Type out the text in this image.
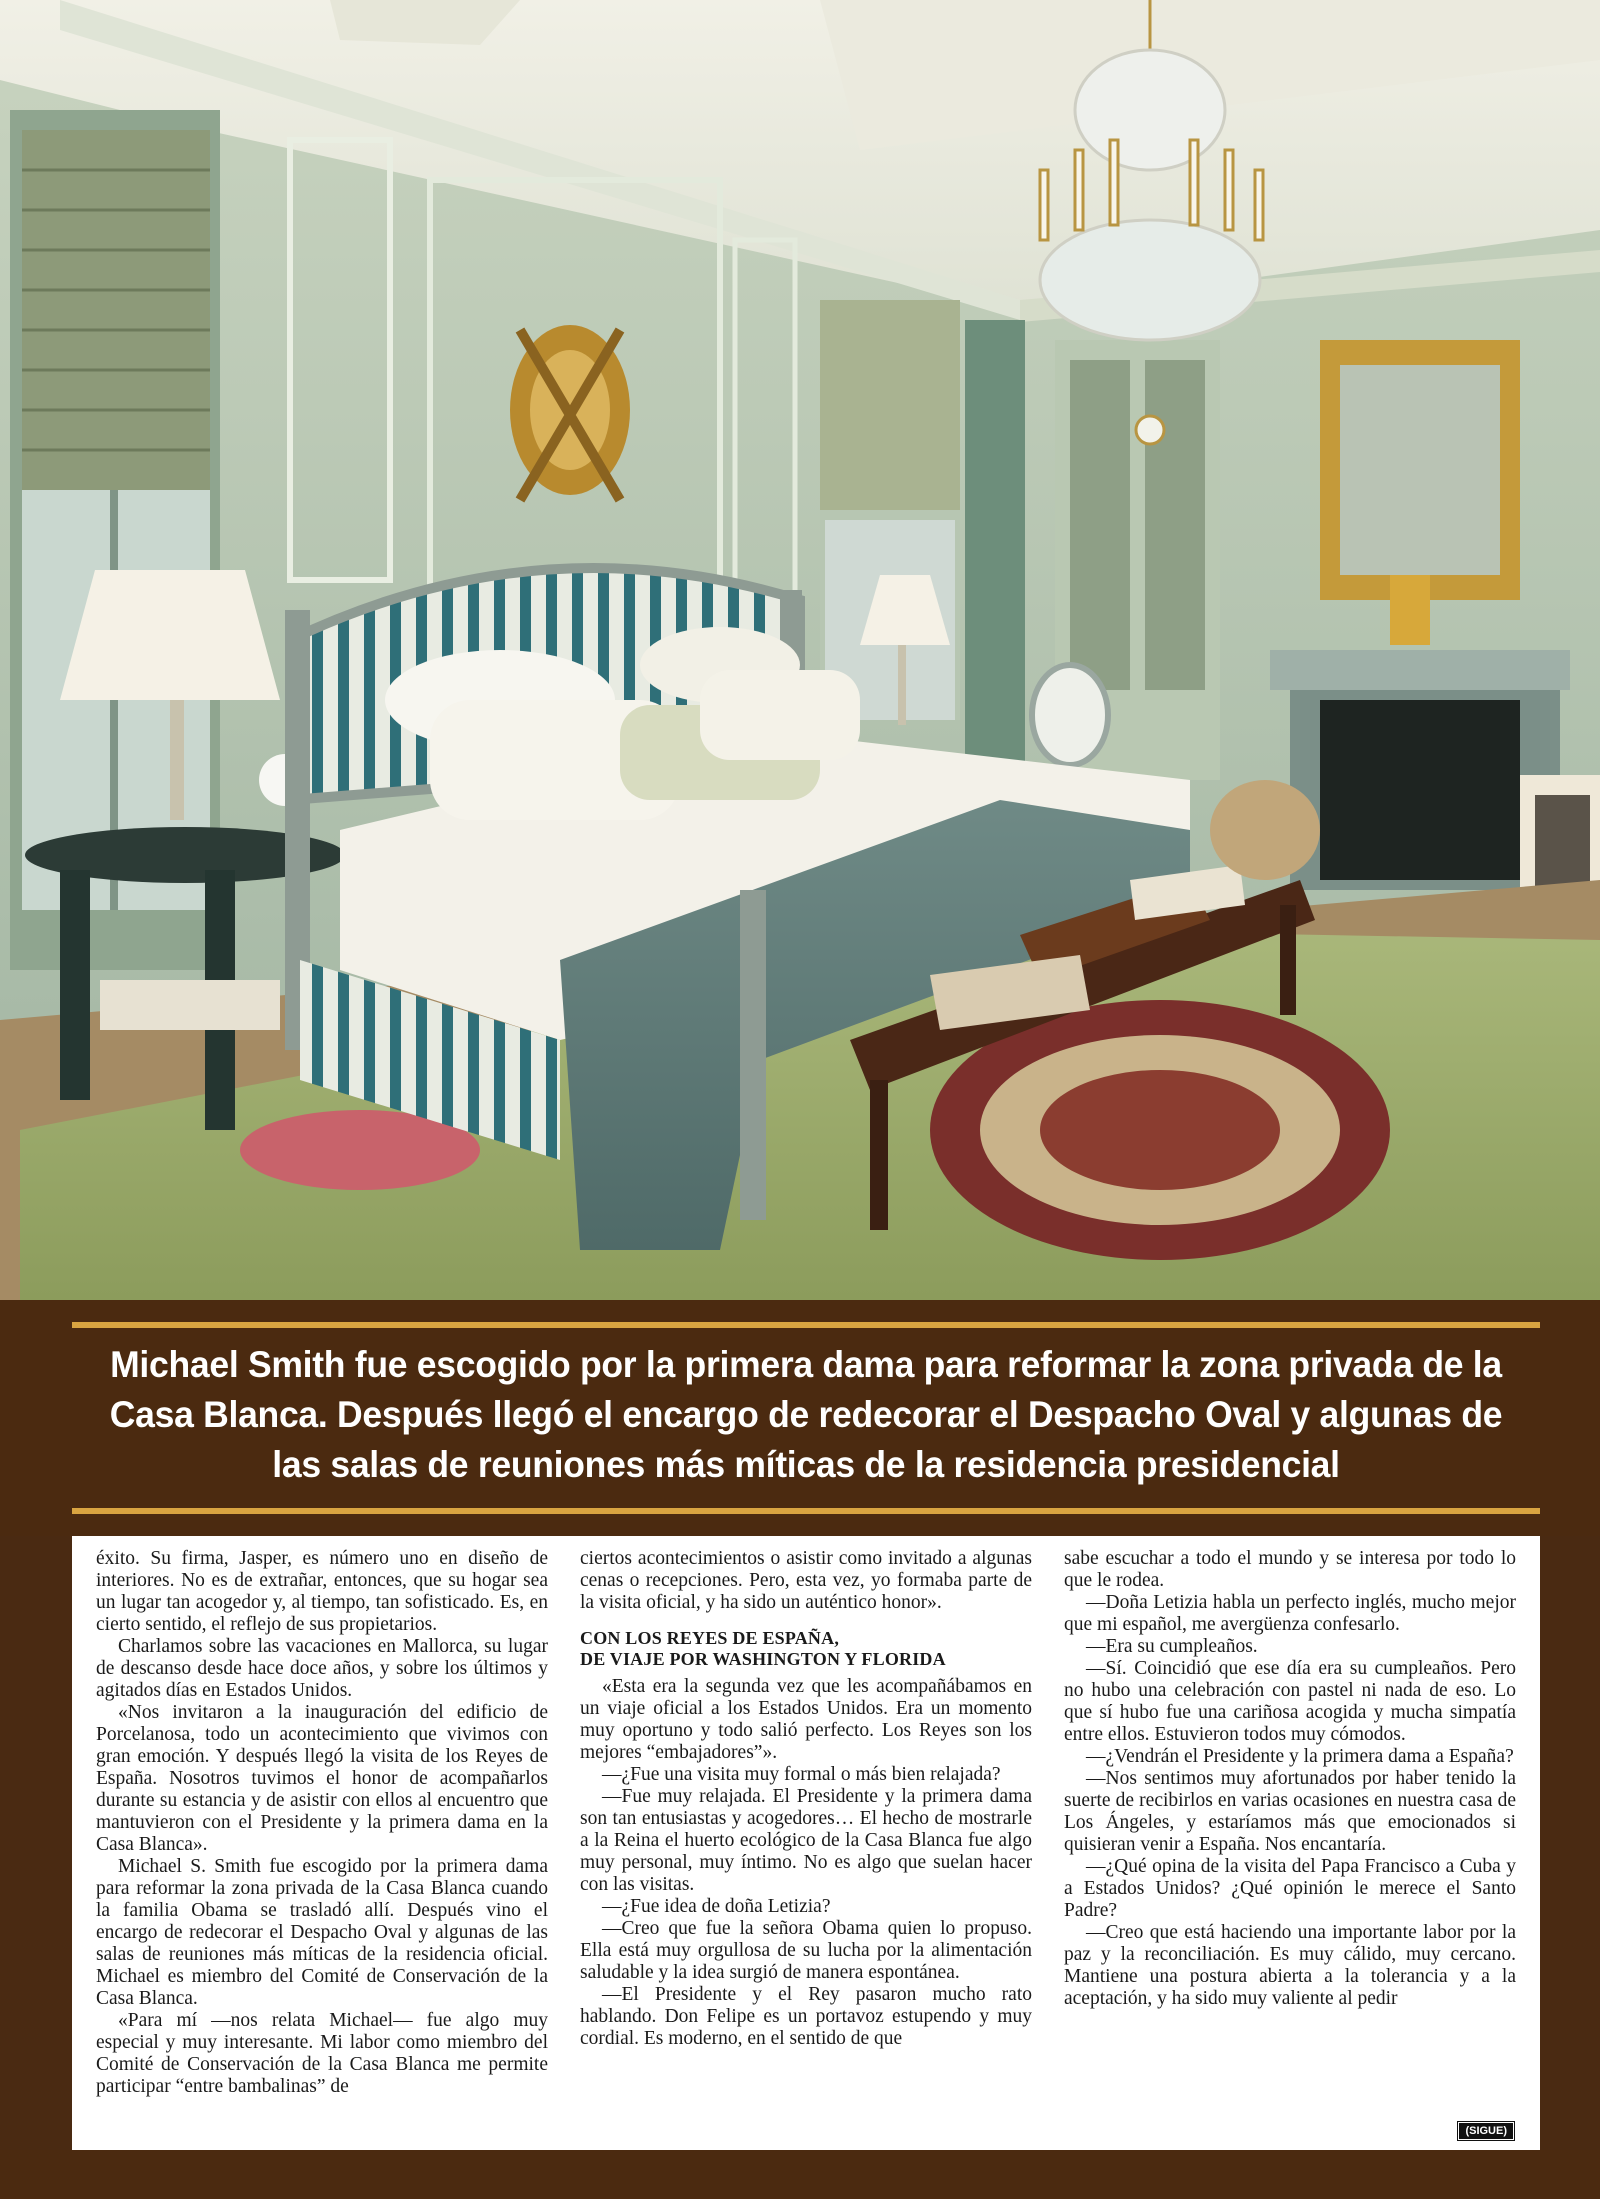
Michael Smith fue escogido por la primera dama para reformar la zona privada de la Casa Blanca. Después llegó el encargo de redecorar el Despacho Oval y algunas de las salas de reuniones más míticas de la residencia presidencial

éxito. Su firma, Jasper, es número uno en diseño de interiores. No es de extrañar, entonces, que su hogar sea un lugar tan acogedor y, al tiempo, tan sofisticado. Es, en cierto sentido, el reflejo de sus propietarios.

Charlamos sobre las vacaciones en Mallorca, su lugar de descanso desde hace doce años, y sobre los últimos y agitados días en Estados Unidos.

«Nos invitaron a la inauguración del edificio de Porcelanosa, todo un acontecimiento que vivimos con gran emoción. Y después llegó la visita de los Reyes de España. Nosotros tuvimos el honor de acompañarlos durante su estancia y de asistir con ellos al encuentro que mantuvieron con el Presidente y la primera dama en la Casa Blanca».

Michael S. Smith fue escogido por la primera dama para reformar la zona privada de la Casa Blanca cuando la familia Obama se trasladó allí. Después vino el encargo de redecorar el Despacho Oval y algunas de las salas de reuniones más míticas de la residencia oficial. Michael es miembro del Comité de Conservación de la Casa Blanca.

«Para mí —nos relata Michael— fue algo muy especial y muy interesante. Mi labor como miembro del Comité de Conservación de la Casa Blanca me permite participar “entre bambalinas” de

ciertos acontecimientos o asistir como invitado a algunas cenas o recepciones. Pero, esta vez, yo formaba parte de la visita oficial, y ha sido un auténtico honor».

CON LOS REYES DE ESPAÑA,
DE VIAJE POR WASHINGTON Y FLORIDA

«Esta era la segunda vez que les acompañábamos en un viaje oficial a los Estados Unidos. Era un momento muy oportuno y todo salió perfecto. Los Reyes son los mejores “embajadores”».

—¿Fue una visita muy formal o más bien relajada?

—Fue muy relajada. El Presidente y la primera dama son tan entusiastas y acogedores… El hecho de mostrarle a la Reina el huerto ecológico de la Casa Blanca fue algo muy personal, muy íntimo. No es algo que suelan hacer con las visitas.

—¿Fue idea de doña Letizia?

—Creo que fue la señora Obama quien lo propuso. Ella está muy orgullosa de su lucha por la alimentación saludable y la idea surgió de manera espontánea.

—El Presidente y el Rey pasaron mucho rato hablando. Don Felipe es un portavoz estupendo y muy cordial. Es moderno, en el sentido de que

sabe escuchar a todo el mundo y se interesa por todo lo que le rodea.

—Doña Letizia habla un perfecto inglés, mucho mejor que mi español, me avergüenza confesarlo.

—Era su cumpleaños.

—Sí. Coincidió que ese día era su cumpleaños. Pero no hubo una celebración con pastel ni nada de eso. Lo que sí hubo fue una cariñosa acogida y mucha simpatía entre ellos. Estuvieron todos muy cómodos.

—¿Vendrán el Presidente y la primera dama a España?

—Nos sentimos muy afortunados por haber tenido la suerte de recibirlos en varias ocasiones en nuestra casa de Los Ángeles, y estaríamos más que emocionados si quisieran venir a España. Nos encantaría.

—¿Qué opina de la visita del Papa Francisco a Cuba y a Estados Unidos? ¿Qué opinión le merece el Santo Padre?

—Creo que está haciendo una importante labor por la paz y la reconciliación. Es muy cálido, muy cercano. Mantiene una postura abierta a la tolerancia y a la aceptación, y ha sido muy valiente al pedir

(SIGUE)
